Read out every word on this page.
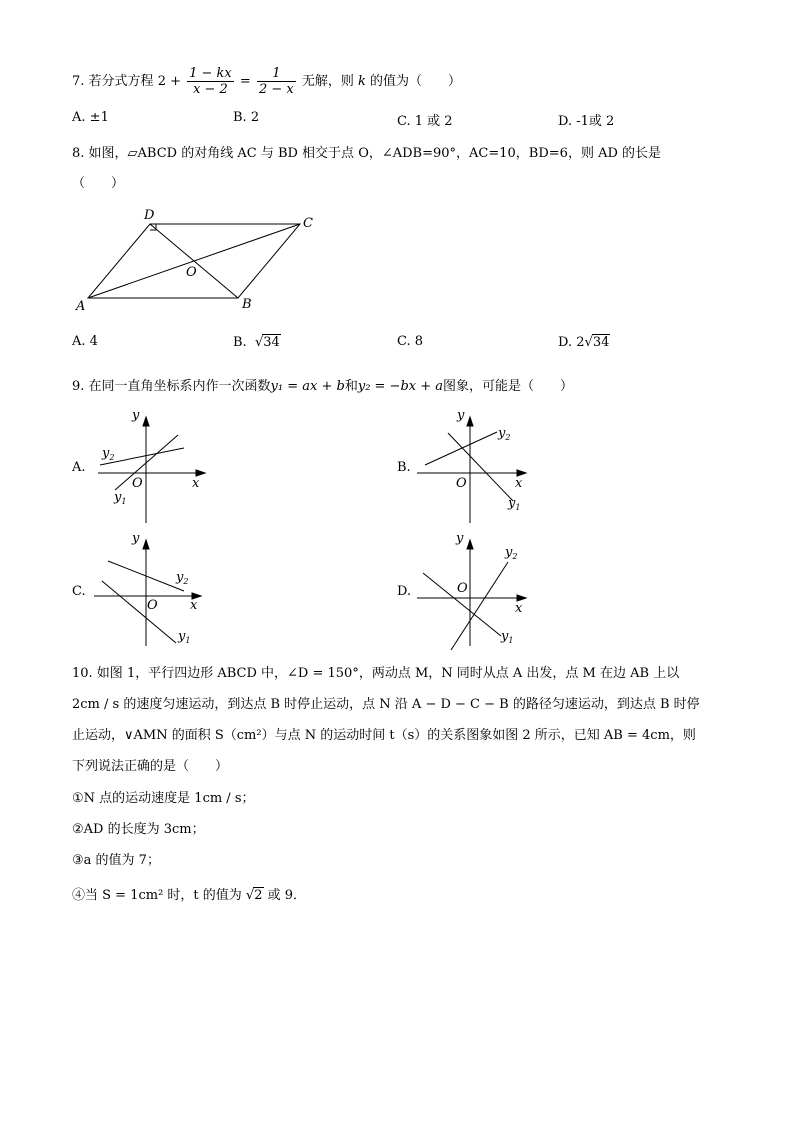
7. 若分式方程 $2 + \frac{1 - kx}{x - 2} = \frac{1}{2 - x}$ 无解，则 k 的值为（　　）
A. ±1	B. 2	C. 1 或 2	D. -1或 2
8. 如图，▱ABCD 的对角线 AC 与 BD 相交于点 O，∠ADB=90°，AC=10，BD=6，则 AD 的长是
（　　）
A	B
C
D
O
A. 4	B. √34	C. 8	D. 2√34
9. 在同一直角坐标系内作一次函数y₁ = ax + b和y₂ = −bx + a图象，可能是（　　）
A.
y
x
O
$y_2$
$y_1$
B.
y
x
O
$y_2$
$y_1$
C.
y
x
O
$y_2$
$y_1$
D.
y
x
O
$y_2$
$y_1$
10. 如图 1，平行四边形 ABCD 中，∠D = 150°，两动点 M，N 同时从点 A 出发，点 M 在边 AB 上以
2cm / s 的速度匀速运动，到达点 B 时停止运动，点 N 沿 A − D − C − B 的路径匀速运动，到达点 B 时停
止运动，∨AMN 的面积 S（cm²）与点 N 的运动时间 t（s）的关系图象如图 2 所示，已知 AB = 4cm，则
下列说法正确的是（　　）
①N 点的运动速度是 1cm / s；
②AD 的长度为 3cm；
③a 的值为 7；
④当 S = 1cm² 时，t 的值为 √2 或 9．
